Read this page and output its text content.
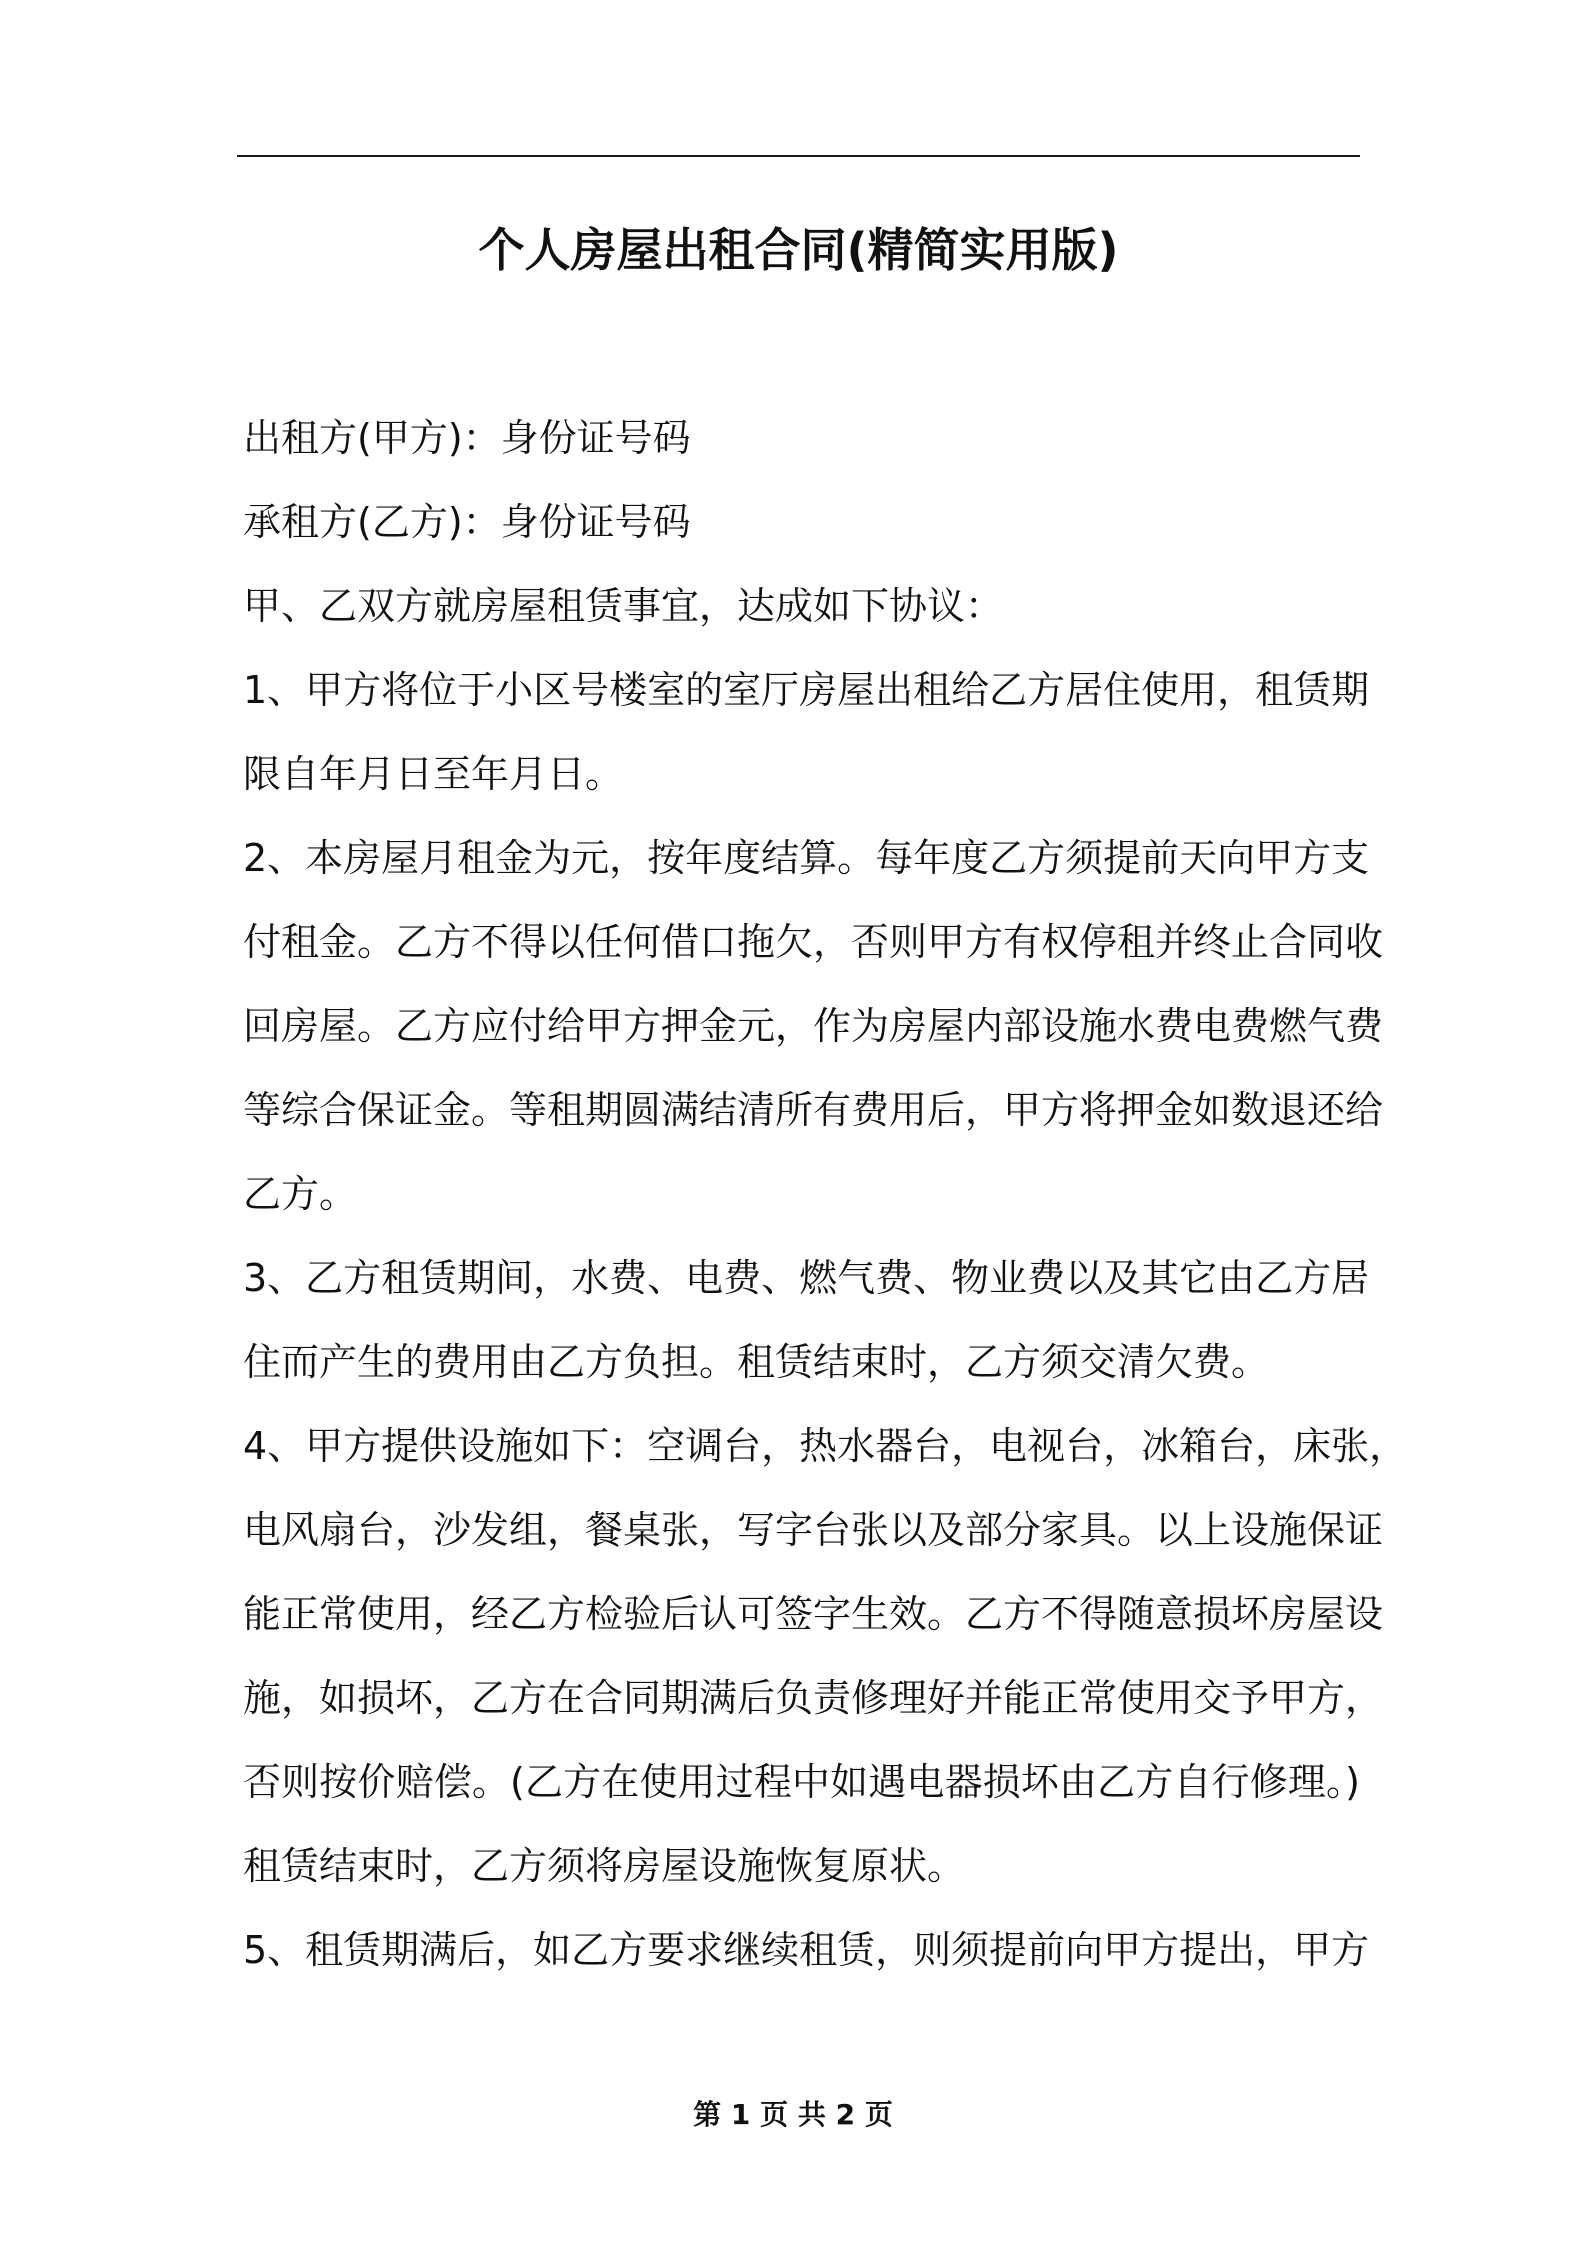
个人房屋出租合同(精简实用版)
出租方(甲方)：身份证号码
承租方(乙方)：身份证号码
甲、乙双方就房屋租赁事宜，达成如下协议：
1、甲方将位于小区号楼室的室厅房屋出租给乙方居住使用，租赁期
限自年月日至年月日。
2、本房屋月租金为元，按年度结算。每年度乙方须提前天向甲方支
付租金。乙方不得以任何借口拖欠，否则甲方有权停租并终止合同收
回房屋。乙方应付给甲方押金元，作为房屋内部设施水费电费燃气费
等综合保证金。等租期圆满结清所有费用后，甲方将押金如数退还给
乙方。
3、乙方租赁期间，水费、电费、燃气费、物业费以及其它由乙方居
住而产生的费用由乙方负担。租赁结束时，乙方须交清欠费。
4、甲方提供设施如下：空调台，热水器台，电视台，冰箱台，床张，
电风扇台，沙发组，餐桌张，写字台张以及部分家具。以上设施保证
能正常使用，经乙方检验后认可签字生效。乙方不得随意损坏房屋设
施，如损坏，乙方在合同期满后负责修理好并能正常使用交予甲方，
否则按价赔偿。(乙方在使用过程中如遇电器损坏由乙方自行修理。)
租赁结束时，乙方须将房屋设施恢复原状。
5、租赁期满后，如乙方要求继续租赁，则须提前向甲方提出，甲方
第 1 页 共 2 页
